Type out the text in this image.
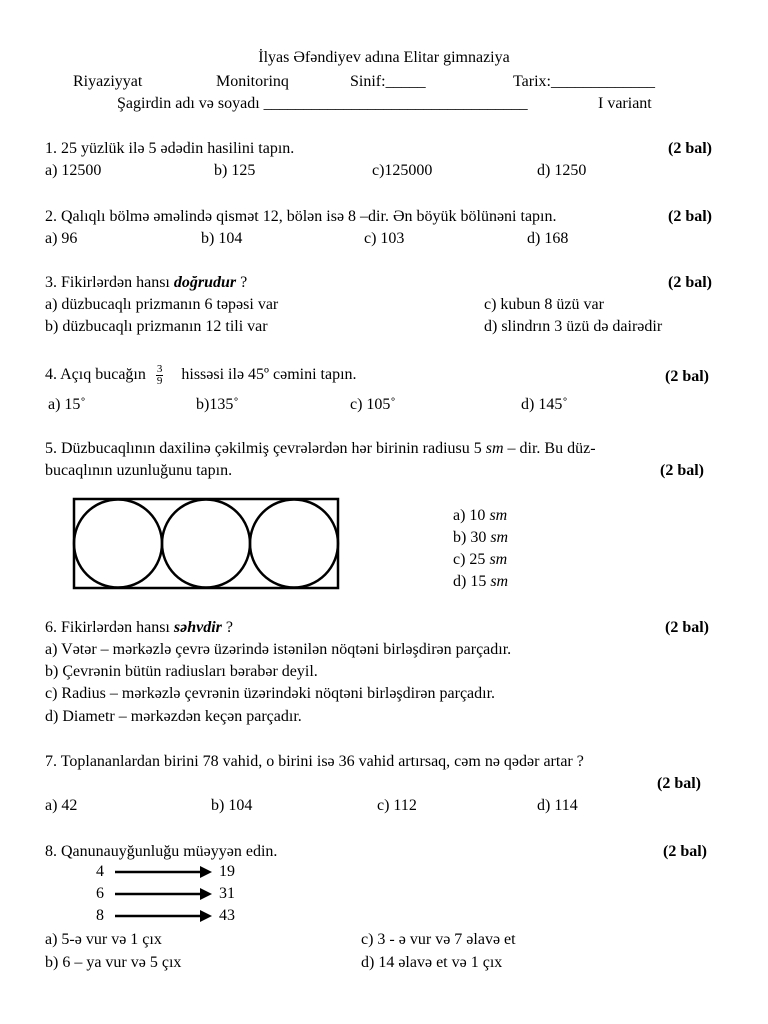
İlyas Əfəndiyev adına Elitar gimnaziya
Riyaziyyat	Monitorinq	Sinif:_____	Tarix:_____________
Şagirdin adı və soyadı _________________________________	I variant
1. 25 yüzlük ilə 5 ədədin hasilini tapın.	(2 bal)
a) 12500	b) 125	c)125000	d) 1250
2. Qalıqlı bölmə əməlində qismət 12, bölən isə 8 –dir. Ən böyük bölünəni tapın.	(2 bal)
a) 96	b) 104	c) 103	d) 168
3. Fikirlərdən hansı doğrudur ?	(2 bal)
a) düzbucaqlı prizmanın 6 təpəsi var	c) kubun 8 üzü var
b) düzbucaqlı prizmanın 12 tili var	d) slindrın 3 üzü də dairədir
4. Açıq bucağın $\frac{3}{9}$ hissəsi ilə 45º cəmini tapın.	(2 bal)
a) 15˚	b)135˚	c) 105˚	d) 145˚
5. Düzbucaqlının daxilinə çəkilmiş çevrələrdən hər birinin radiusu 5 sm – dir. Bu düz-
bucaqlının uzunluğunu tapın.	(2 bal)
a) 10 sm
b) 30 sm
c) 25 sm
d) 15 sm
6. Fikirlərdən hansı səhvdir ?	(2 bal)
a) Vətər – mərkəzlə çevrə üzərində istənilən nöqtəni birləşdirən parçadır.
b) Çevrənin bütün radiusları bərabər deyil.
c) Radius – mərkəzlə çevrənin üzərindəki nöqtəni birləşdirən parçadır.
d) Diametr – mərkəzdən keçən parçadır.
7. Toplananlardan birini 78 vahid, o birini isə 36 vahid artırsaq, cəm nə qədər artar ?
(2 bal)
a) 42	b) 104	c) 112	d) 114
8. Qanunauyğunluğu müəyyən edin.	(2 bal)
4	19
6	31
8	43
a) 5-ə vur və 1 çıx	c) 3 - ə vur və 7 əlavə et
b) 6 – ya vur və 5 çıx	d) 14 əlavə et və 1 çıx
